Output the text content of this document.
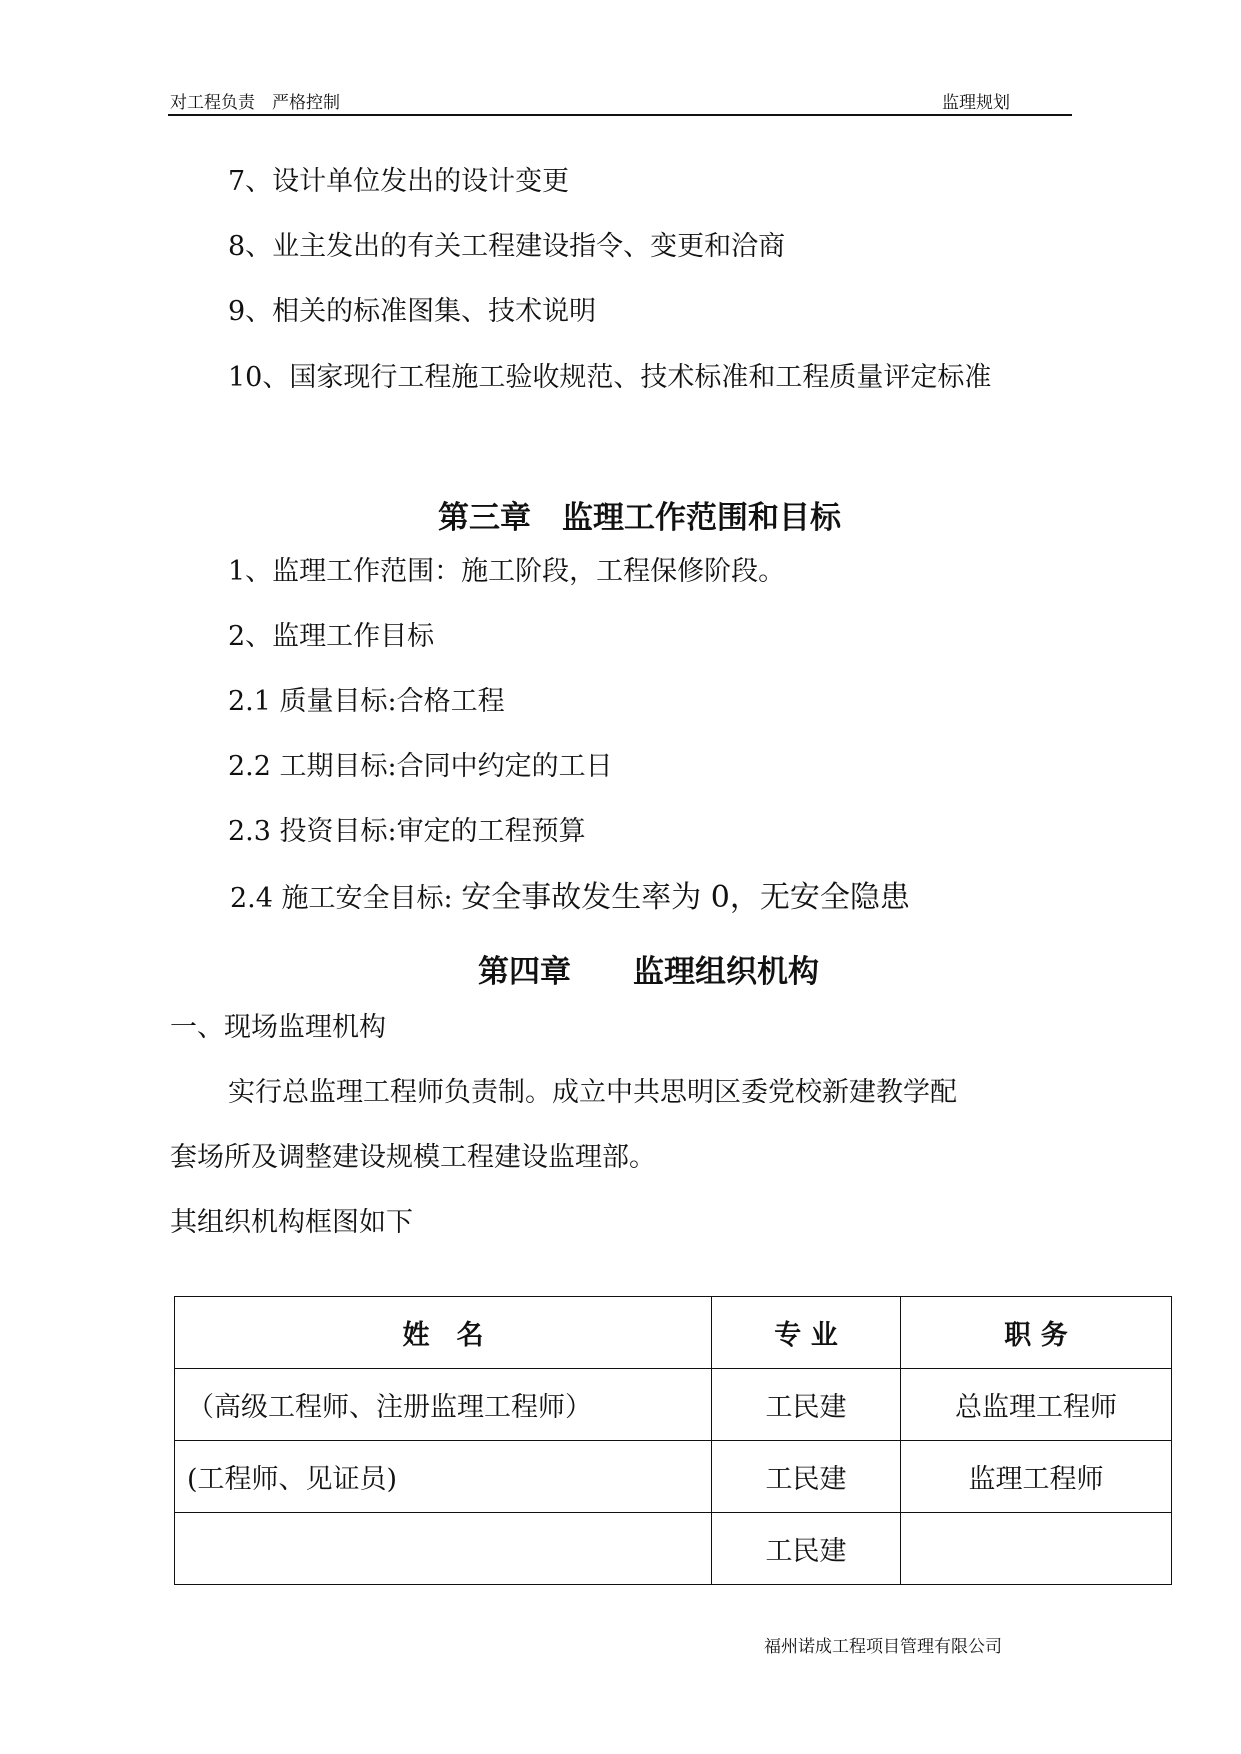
对工程负责　严格控制	监理规划
7、设计单位发出的设计变更
8、业主发出的有关工程建设指令、变更和洽商
9、相关的标准图集、技术说明
10、国家现行工程施工验收规范、技术标准和工程质量评定标准
第三章　监理工作范围和目标
1、监理工作范围：施工阶段，工程保修阶段。
2、监理工作目标
2.1 质量目标:合格工程
2.2 工期目标:合同中约定的工日
2.3 投资目标:审定的工程预算
2.4 施工安全目标: 安全事故发生率为 0，无安全隐患
第四章　　监理组织机构
一、现场监理机构
实行总监理工程师负责制。成立中共思明区委党校新建教学配
套场所及调整建设规模工程建设监理部。
其组织机构框图如下
姓　名	专 业	职 务
（高级工程师、注册监理工程师）	工民建	总监理工程师
(工程师、见证员)	工民建	监理工程师
	工民建	
福州诺成工程项目管理有限公司
